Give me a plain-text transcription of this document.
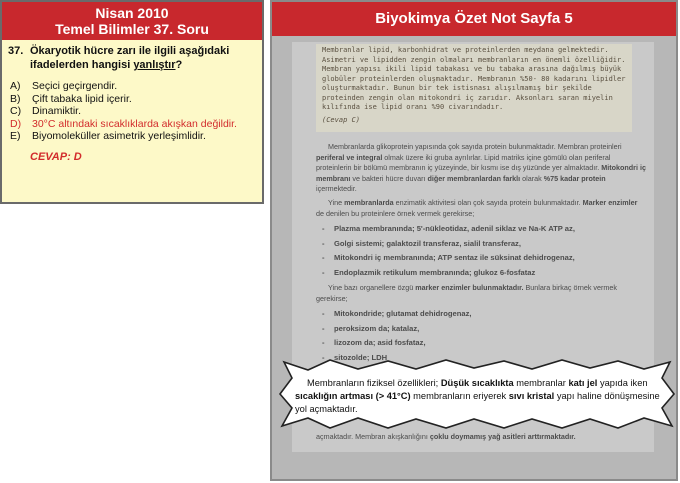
Nisan 2010
Temel Bilimler 37. Soru
37. Ökaryotik hücre zarı ile ilgili aşağıdaki ifadelerden hangisi yanlıştır?
A)	Seçici geçirgendir.
B)	Çift tabaka lipid içerir.
C)	Dinamiktir.
D)	30°C altındaki sıcaklıklarda akışkan değildir.
E)	Biyomoleküller asimetrik yerleşimlidir.
CEVAP: D
Biyokimya Özet Not Sayfa 5
Membranlar lipid, karbonhidrat ve proteinlerden meydana gelmektedir. Asimetri ve lipidden zengin olmaları membranların en önemli özelliğidir. Membran yapısı ikili lipid tabakası ve bu tabaka arasına dağılmış büyük globüler proteinlerden oluşmaktadır. Membranın %50- 80 kadarını lipidler oluşturmaktadır. Bunun bir tek istisnası alışılmamış bir şekilde proteinden zengin olan mitokondri iç zarıdır. Aksonları saran miyelin kılıfında ise lipid oranı %90 civarındadır.
(Cevap C)

Membranlarda glikoprotein yapısında çok sayıda protein bulunmaktadır. Membran proteinleri periferal ve integral olmak üzere iki gruba ayrılırlar. Lipid matriks içine gömülü olan periferal proteinlerin bir bölümü membranın iç yüzeyinde, bir kısmı ise dış yüzünde yer almaktadır. Mitokondri iç membranı ve bakteri hücre duvarı diğer membranlardan farklı olarak %75 kadar protein içermektedir.

Yine membranlarda enzimatik aktivitesi olan çok sayıda protein bulunmaktadır. Marker enzimler de denilen bu proteinlere örnek vermek gerekirse;

- Plazma membranında; 5'-nükleotidaz, adenil siklaz ve Na-K ATP az,
- Golgi sistemi; galaktozil transferaz, sialil transferaz,
- Mitokondri iç membranında; ATP sentaz ile süksinat dehidrogenaz,
- Endoplazmik retikulum membranında; glukoz 6-fosfataz

Yine bazı organellere özgü marker enzimler bulunmaktadır. Bunlara birkaç örnek vermek gerekirse;

- Mitokondride; glutamat dehidrogenaz,
- peroksizom da; katalaz,
- lizozom da; asid fosfataz,
- sitozolde; LDH
açmaktadır. Membran akışkanlığını çoklu doymamış yağ asitleri arttırmaktadır.
Membranların fiziksel özellikleri; Düşük sıcaklıkta membranlar katı jel yapıda iken sıcaklığın artması (> 41°C) membranların eriyerek sıvı kristal yapı haline dönüşmesine yol açmaktadır.
